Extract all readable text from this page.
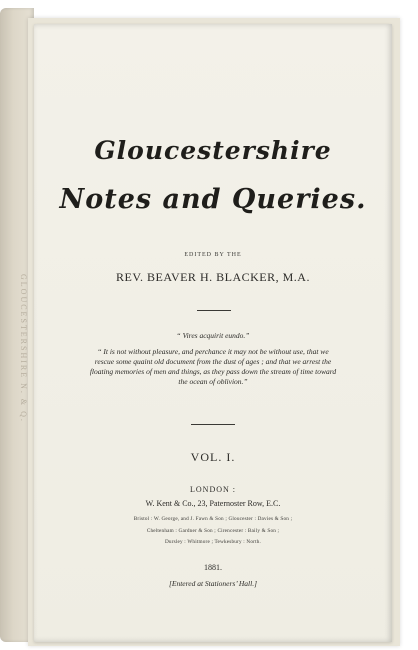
GLOUCESTERSHIRE N. & Q.
Gloucestershire
Notes and Queries.
EDITED BY THE
REV. BEAVER H. BLACKER, M.A.
“ Vires acquirit eundo.”
“ It is not without pleasure, and perchance it may not be without use, that we rescue some quaint old document from the dust of ages ; and that we arrest the floating memories of men and things, as they pass down the stream of time toward the ocean of oblivion.”
VOL. I.
LONDON :
W. Kent & Co., 23, Paternoster Row, E.C.
Bristol : W. George, and J. Fawn & Son ; Gloucester : Davies & Son ;
Cheltenham : Gardner & Son ; Cirencester : Baily & Son ;
Dursley : Whitmore ; Tewkesbury : North.
1881.
[Entered at Stationers’ Hall.]
